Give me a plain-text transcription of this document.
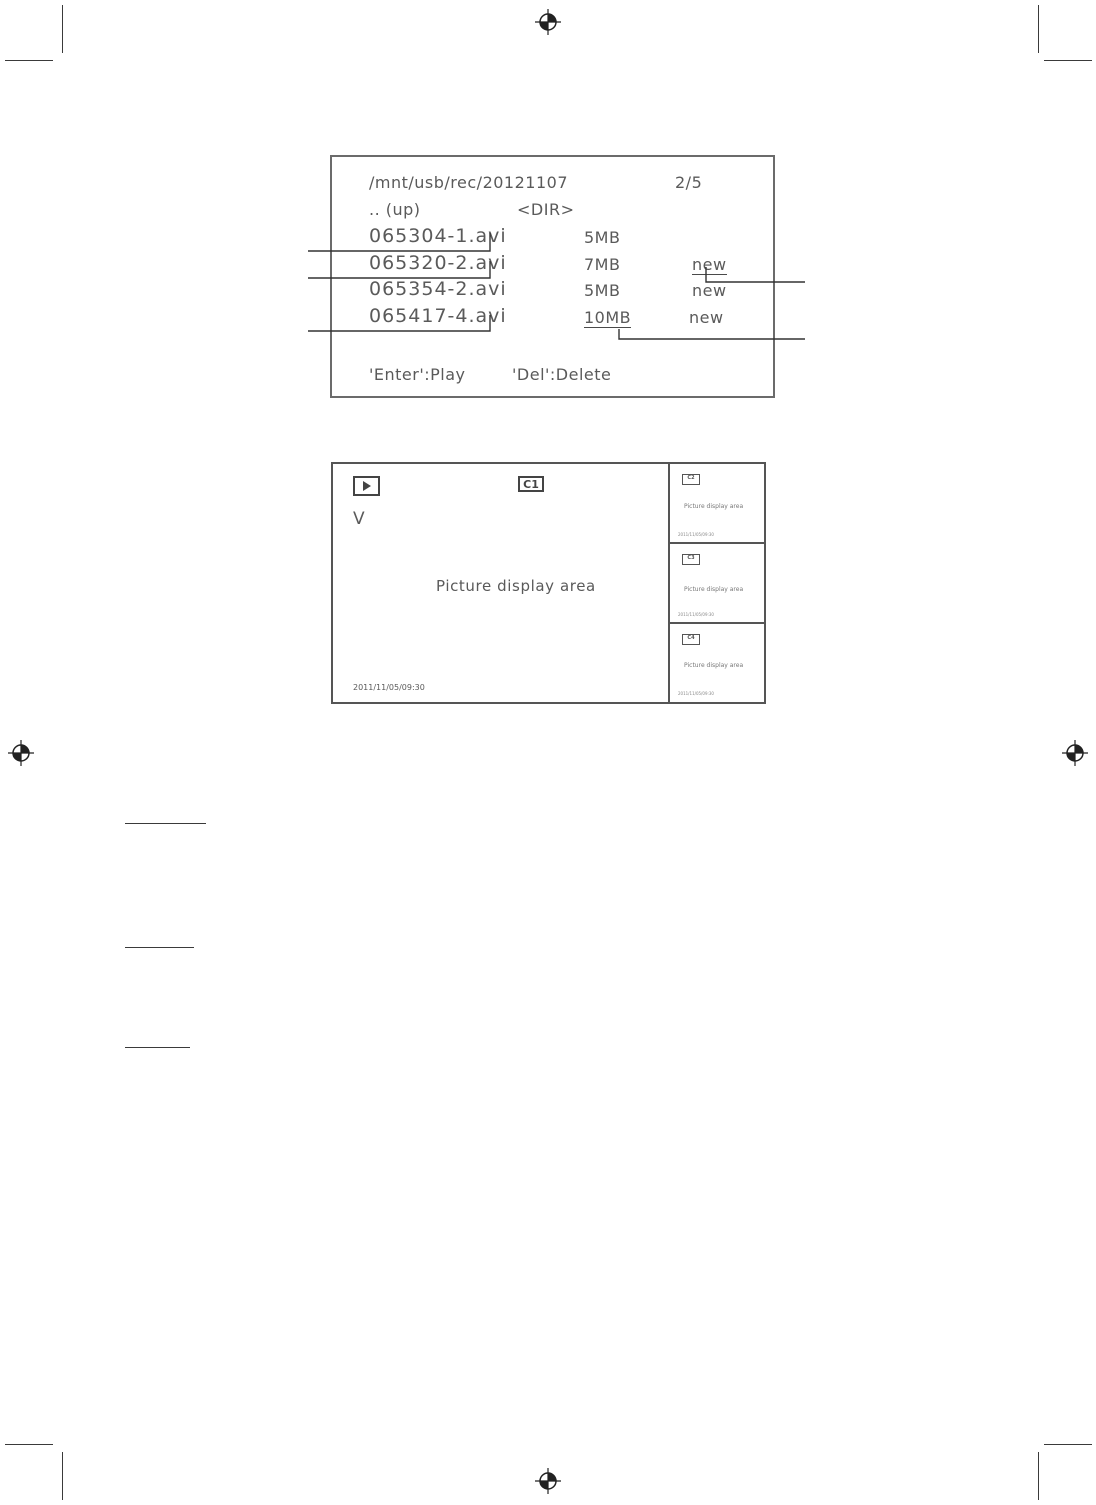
/mnt/usb/rec/20121107	2/5
.. (up)	<DIR>
065304-1.avi	5MB
065320-2.avi	7MB	new
065354-2.avi	5MB	new
065417-4.avi	10MB	new
'Enter':Play	'Del':Delete
C1
V
Picture display area
2011/11/05/09:30
C2
Picture display area
2011/11/05/09:30
C3
Picture display area
2011/11/05/09:30
C4
Picture display area
2011/11/05/09:30
